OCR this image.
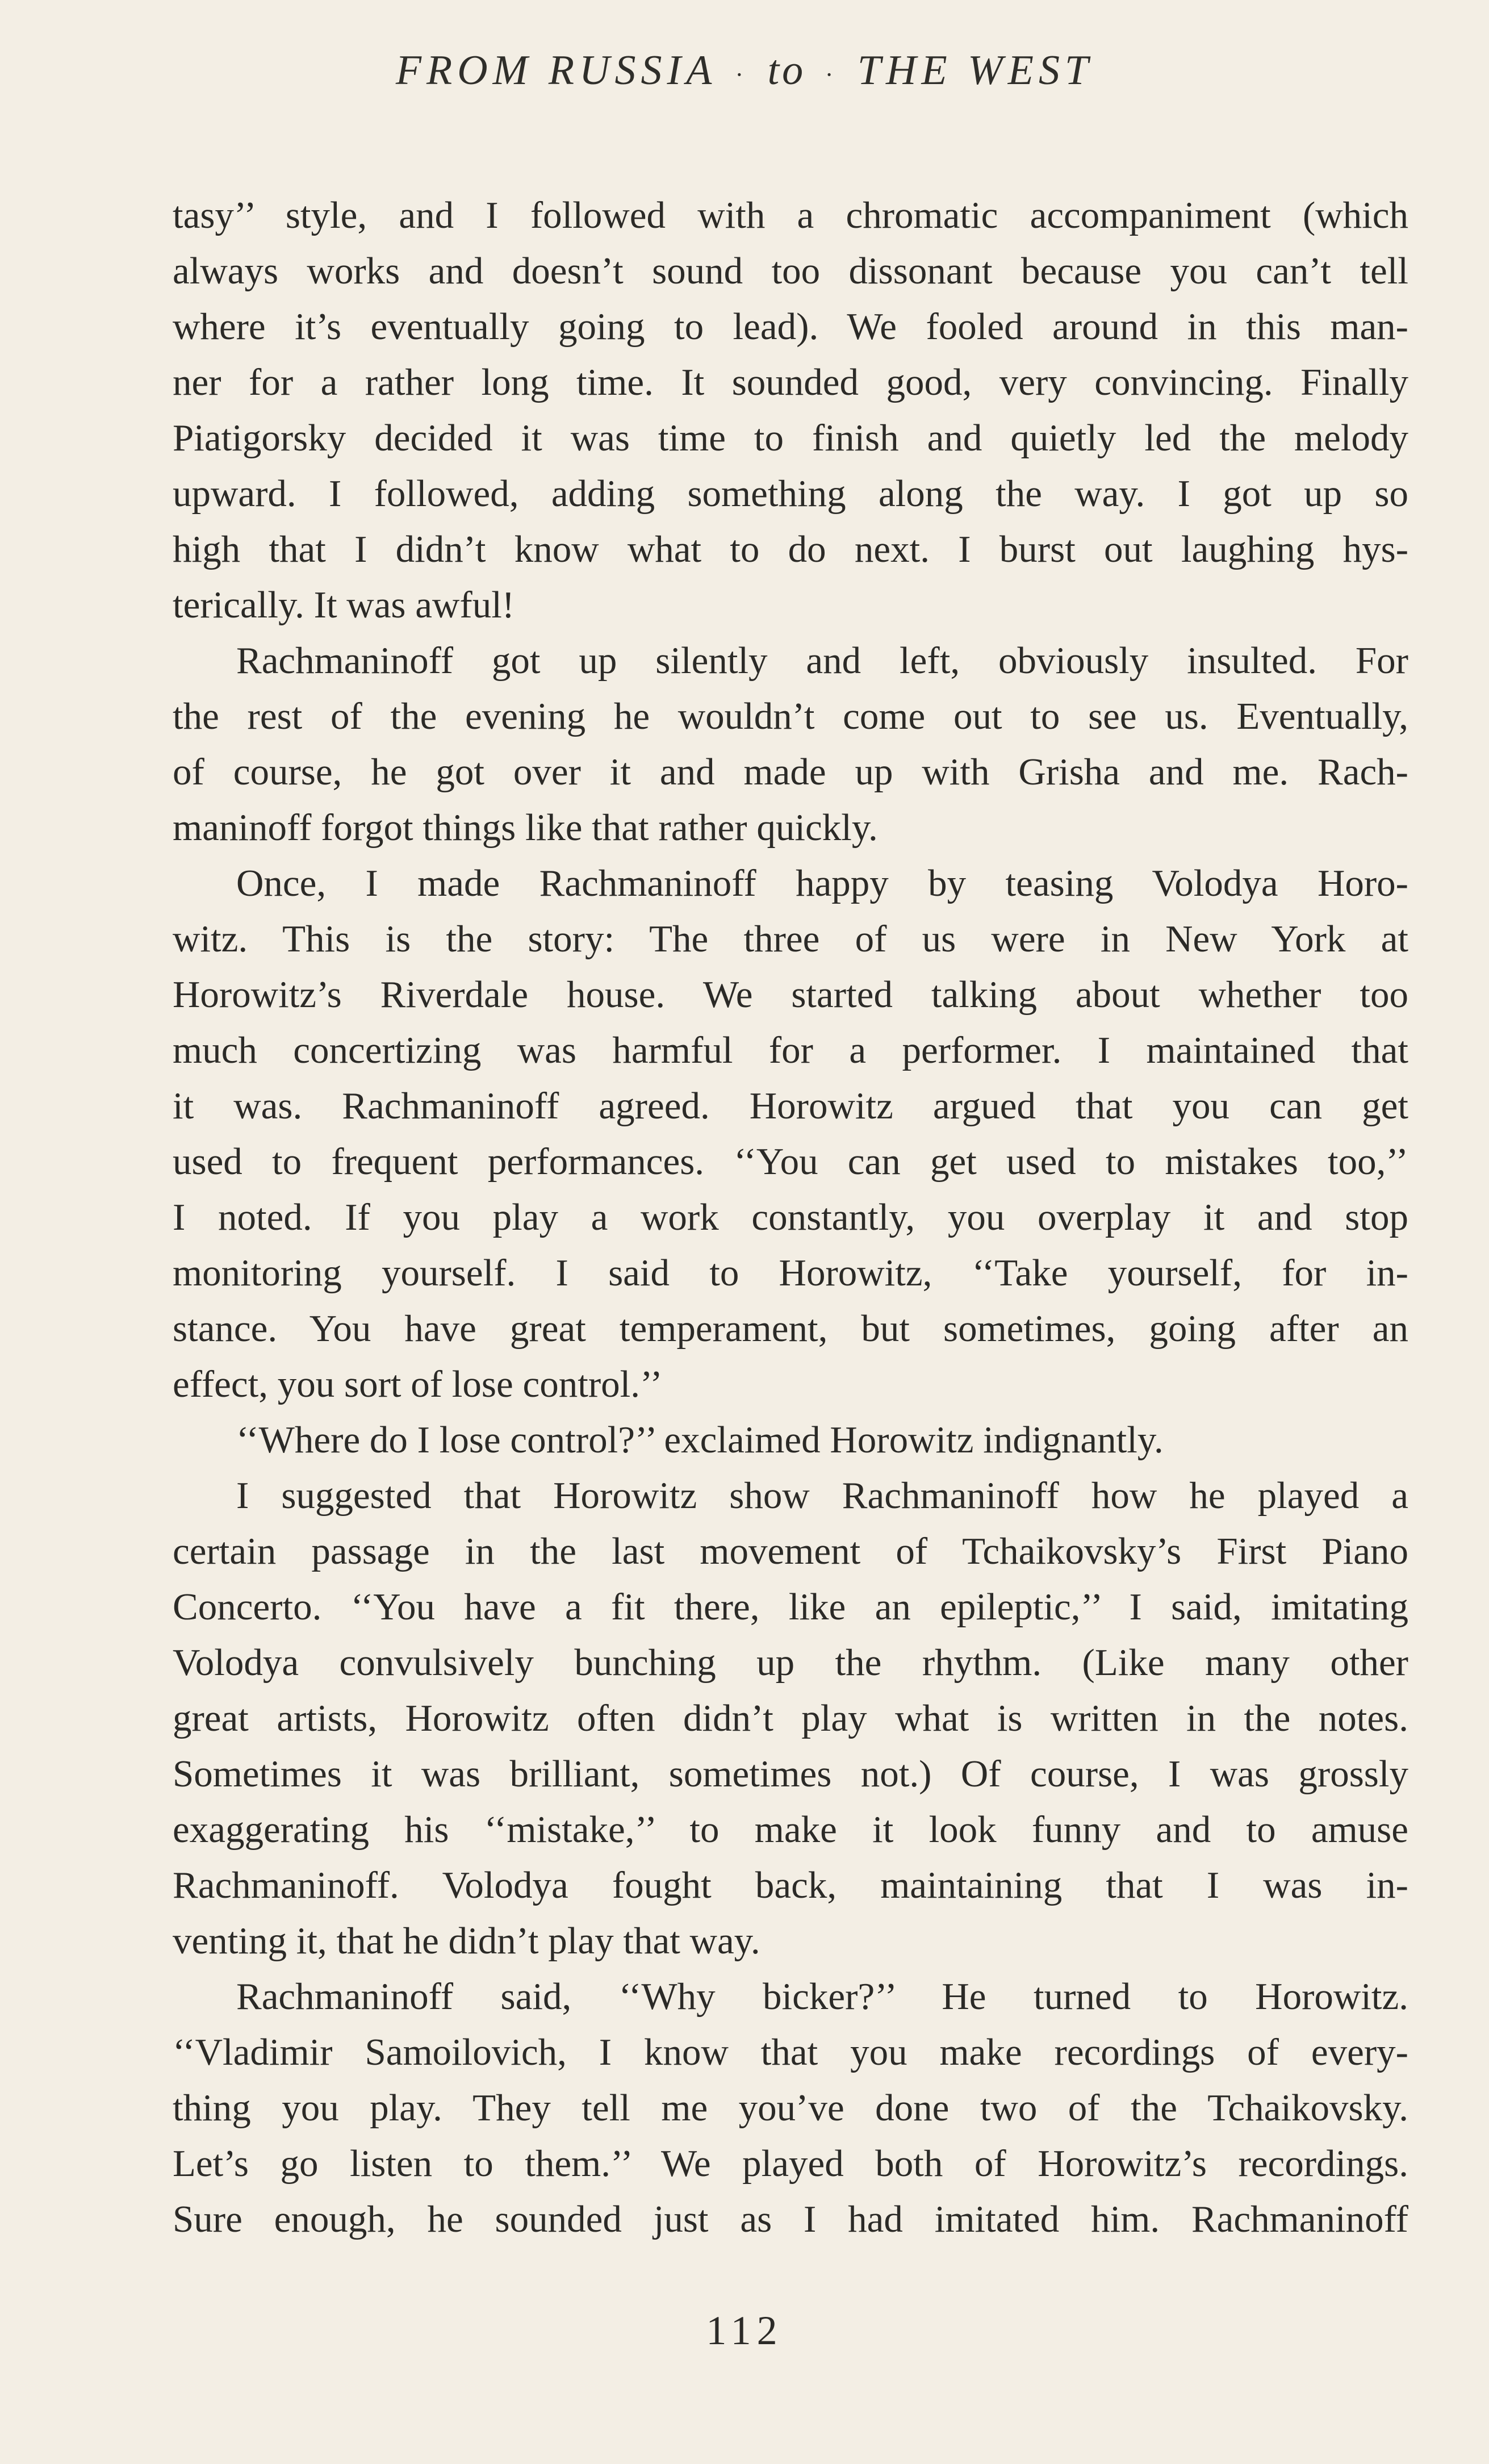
FROM RUSSIA · to · THE WEST
tasy’’ style, and I followed with a chromatic accompaniment (which
always works and doesn’t sound too dissonant because you can’t tell
where it’s eventually going to lead). We fooled around in this man-
ner for a rather long time. It sounded good, very convincing. Finally
Piatigorsky decided it was time to finish and quietly led the melody
upward. I followed, adding something along the way. I got up so
high that I didn’t know what to do next. I burst out laughing hys-
terically. It was awful!
Rachmaninoff got up silently and left, obviously insulted. For
the rest of the evening he wouldn’t come out to see us. Eventually,
of course, he got over it and made up with Grisha and me. Rach-
maninoff forgot things like that rather quickly.
Once, I made Rachmaninoff happy by teasing Volodya Horo-
witz. This is the story: The three of us were in New York at
Horowitz’s Riverdale house. We started talking about whether too
much concertizing was harmful for a performer. I maintained that
it was. Rachmaninoff agreed. Horowitz argued that you can get
used to frequent performances. ‘‘You can get used to mistakes too,’’
I noted. If you play a work constantly, you overplay it and stop
monitoring yourself. I said to Horowitz, ‘‘Take yourself, for in-
stance. You have great temperament, but sometimes, going after an
effect, you sort of lose control.’’
‘‘Where do I lose control?’’ exclaimed Horowitz indignantly.
I suggested that Horowitz show Rachmaninoff how he played a
certain passage in the last movement of Tchaikovsky’s First Piano
Concerto. ‘‘You have a fit there, like an epileptic,’’ I said, imitating
Volodya convulsively bunching up the rhythm. (Like many other
great artists, Horowitz often didn’t play what is written in the notes.
Sometimes it was brilliant, sometimes not.) Of course, I was grossly
exaggerating his ‘‘mistake,’’ to make it look funny and to amuse
Rachmaninoff. Volodya fought back, maintaining that I was in-
venting it, that he didn’t play that way.
Rachmaninoff said, ‘‘Why bicker?’’ He turned to Horowitz.
‘‘Vladimir Samoilovich, I know that you make recordings of every-
thing you play. They tell me you’ve done two of the Tchaikovsky.
Let’s go listen to them.’’ We played both of Horowitz’s recordings.
Sure enough, he sounded just as I had imitated him. Rachmaninoff
112
